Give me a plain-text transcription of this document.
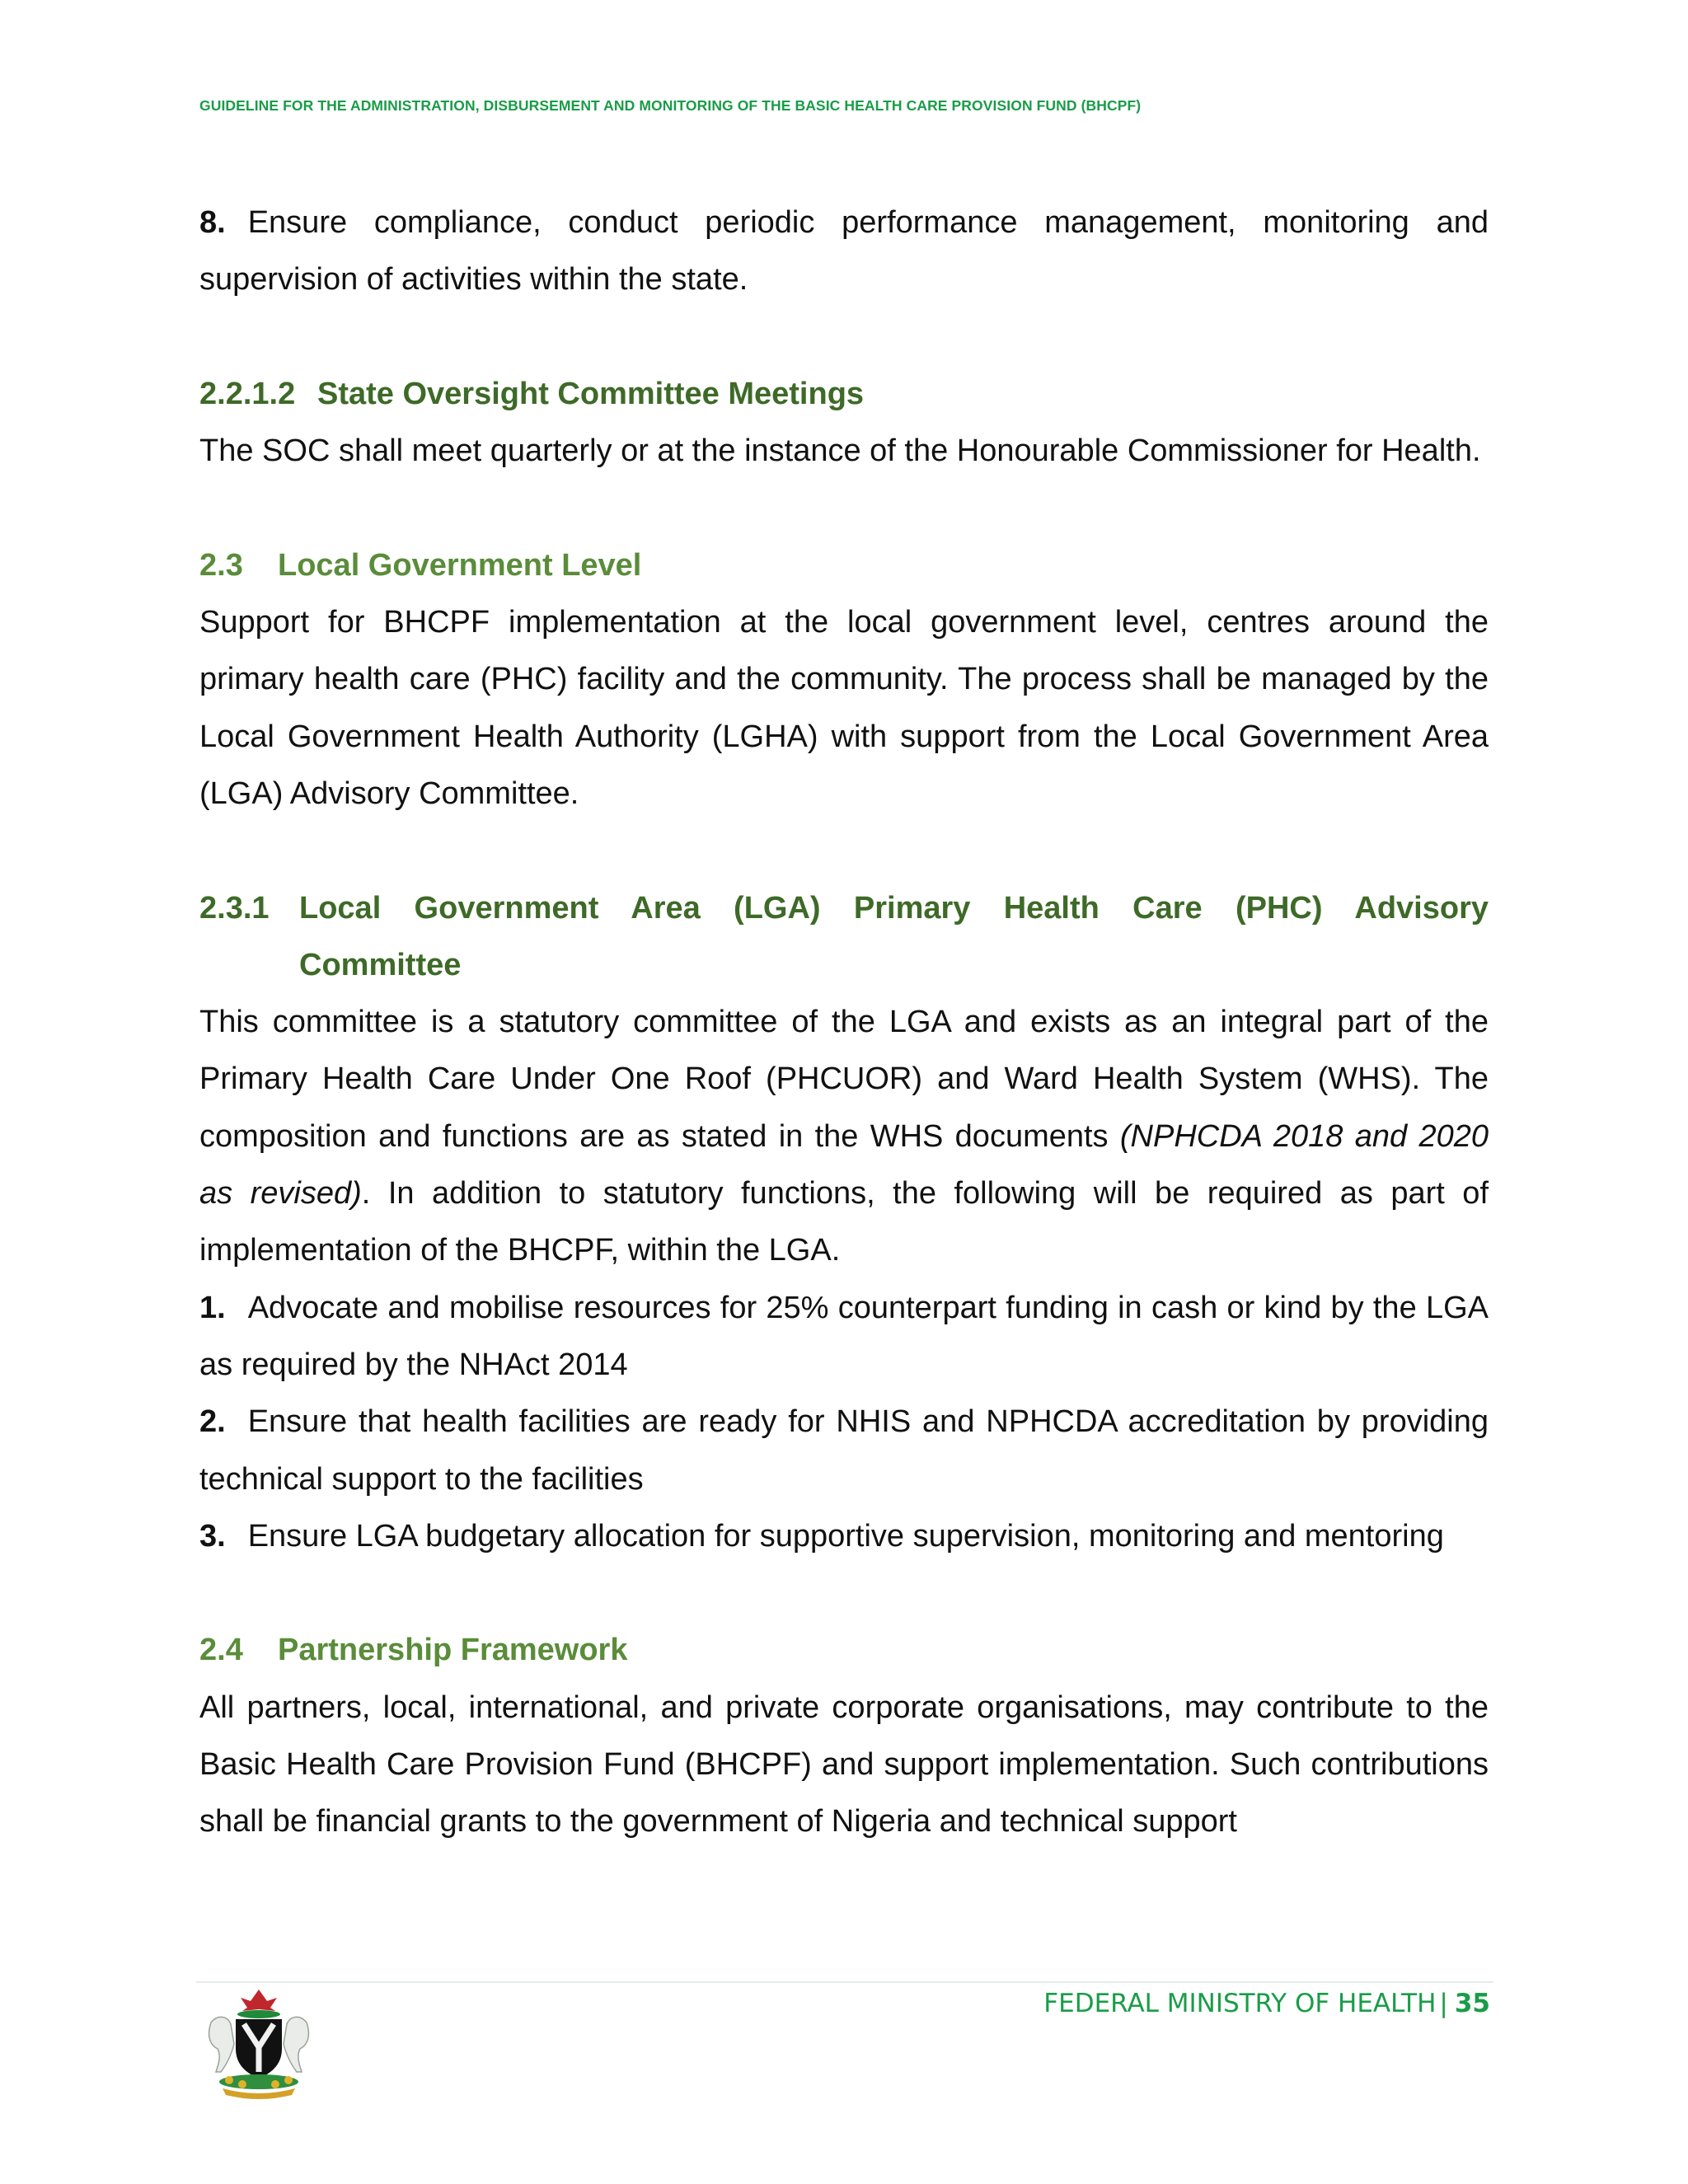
GUIDELINE FOR THE ADMINISTRATION, DISBURSEMENT AND MONITORING OF THE BASIC HEALTH CARE PROVISION FUND (BHCPF)

8. Ensure compliance, conduct periodic performance management, monitoring and supervision of activities within the state.

2.2.1.2 State Oversight Committee Meetings

The SOC shall meet quarterly or at the instance of the Honourable Commissioner for Health.

2.3 Local Government Level

Support for BHCPF implementation at the local government level, centres around the primary health care (PHC) facility and the community. The process shall be managed by the Local Government Health Authority (LGHA) with support from the Local Government Area (LGA) Advisory Committee.

2.3.1 Local Government Area (LGA) Primary Health Care (PHC) Advisory
Committee

This committee is a statutory committee of the LGA and exists as an integral part of the Primary Health Care Under One Roof (PHCUOR) and Ward Health System (WHS). The composition and functions are as stated in the WHS documents (NPHCDA 2018 and 2020 as revised). In addition to statutory functions, the following will be required as part of implementation of the BHCPF, within the LGA.

1. Advocate and mobilise resources for 25% counterpart funding in cash or kind by the LGA as required by the NHAct 2014

2. Ensure that health facilities are ready for NHIS and NPHCDA accreditation by providing technical support to the facilities

3. Ensure LGA budgetary allocation for supportive supervision, monitoring and mentoring

2.4 Partnership Framework

All partners, local, international, and private corporate organisations, may contribute to the Basic Health Care Provision Fund (BHCPF) and support implementation. Such contributions shall be financial grants to the government of Nigeria and technical support

FEDERAL MINISTRY OF HEALTH | 35
